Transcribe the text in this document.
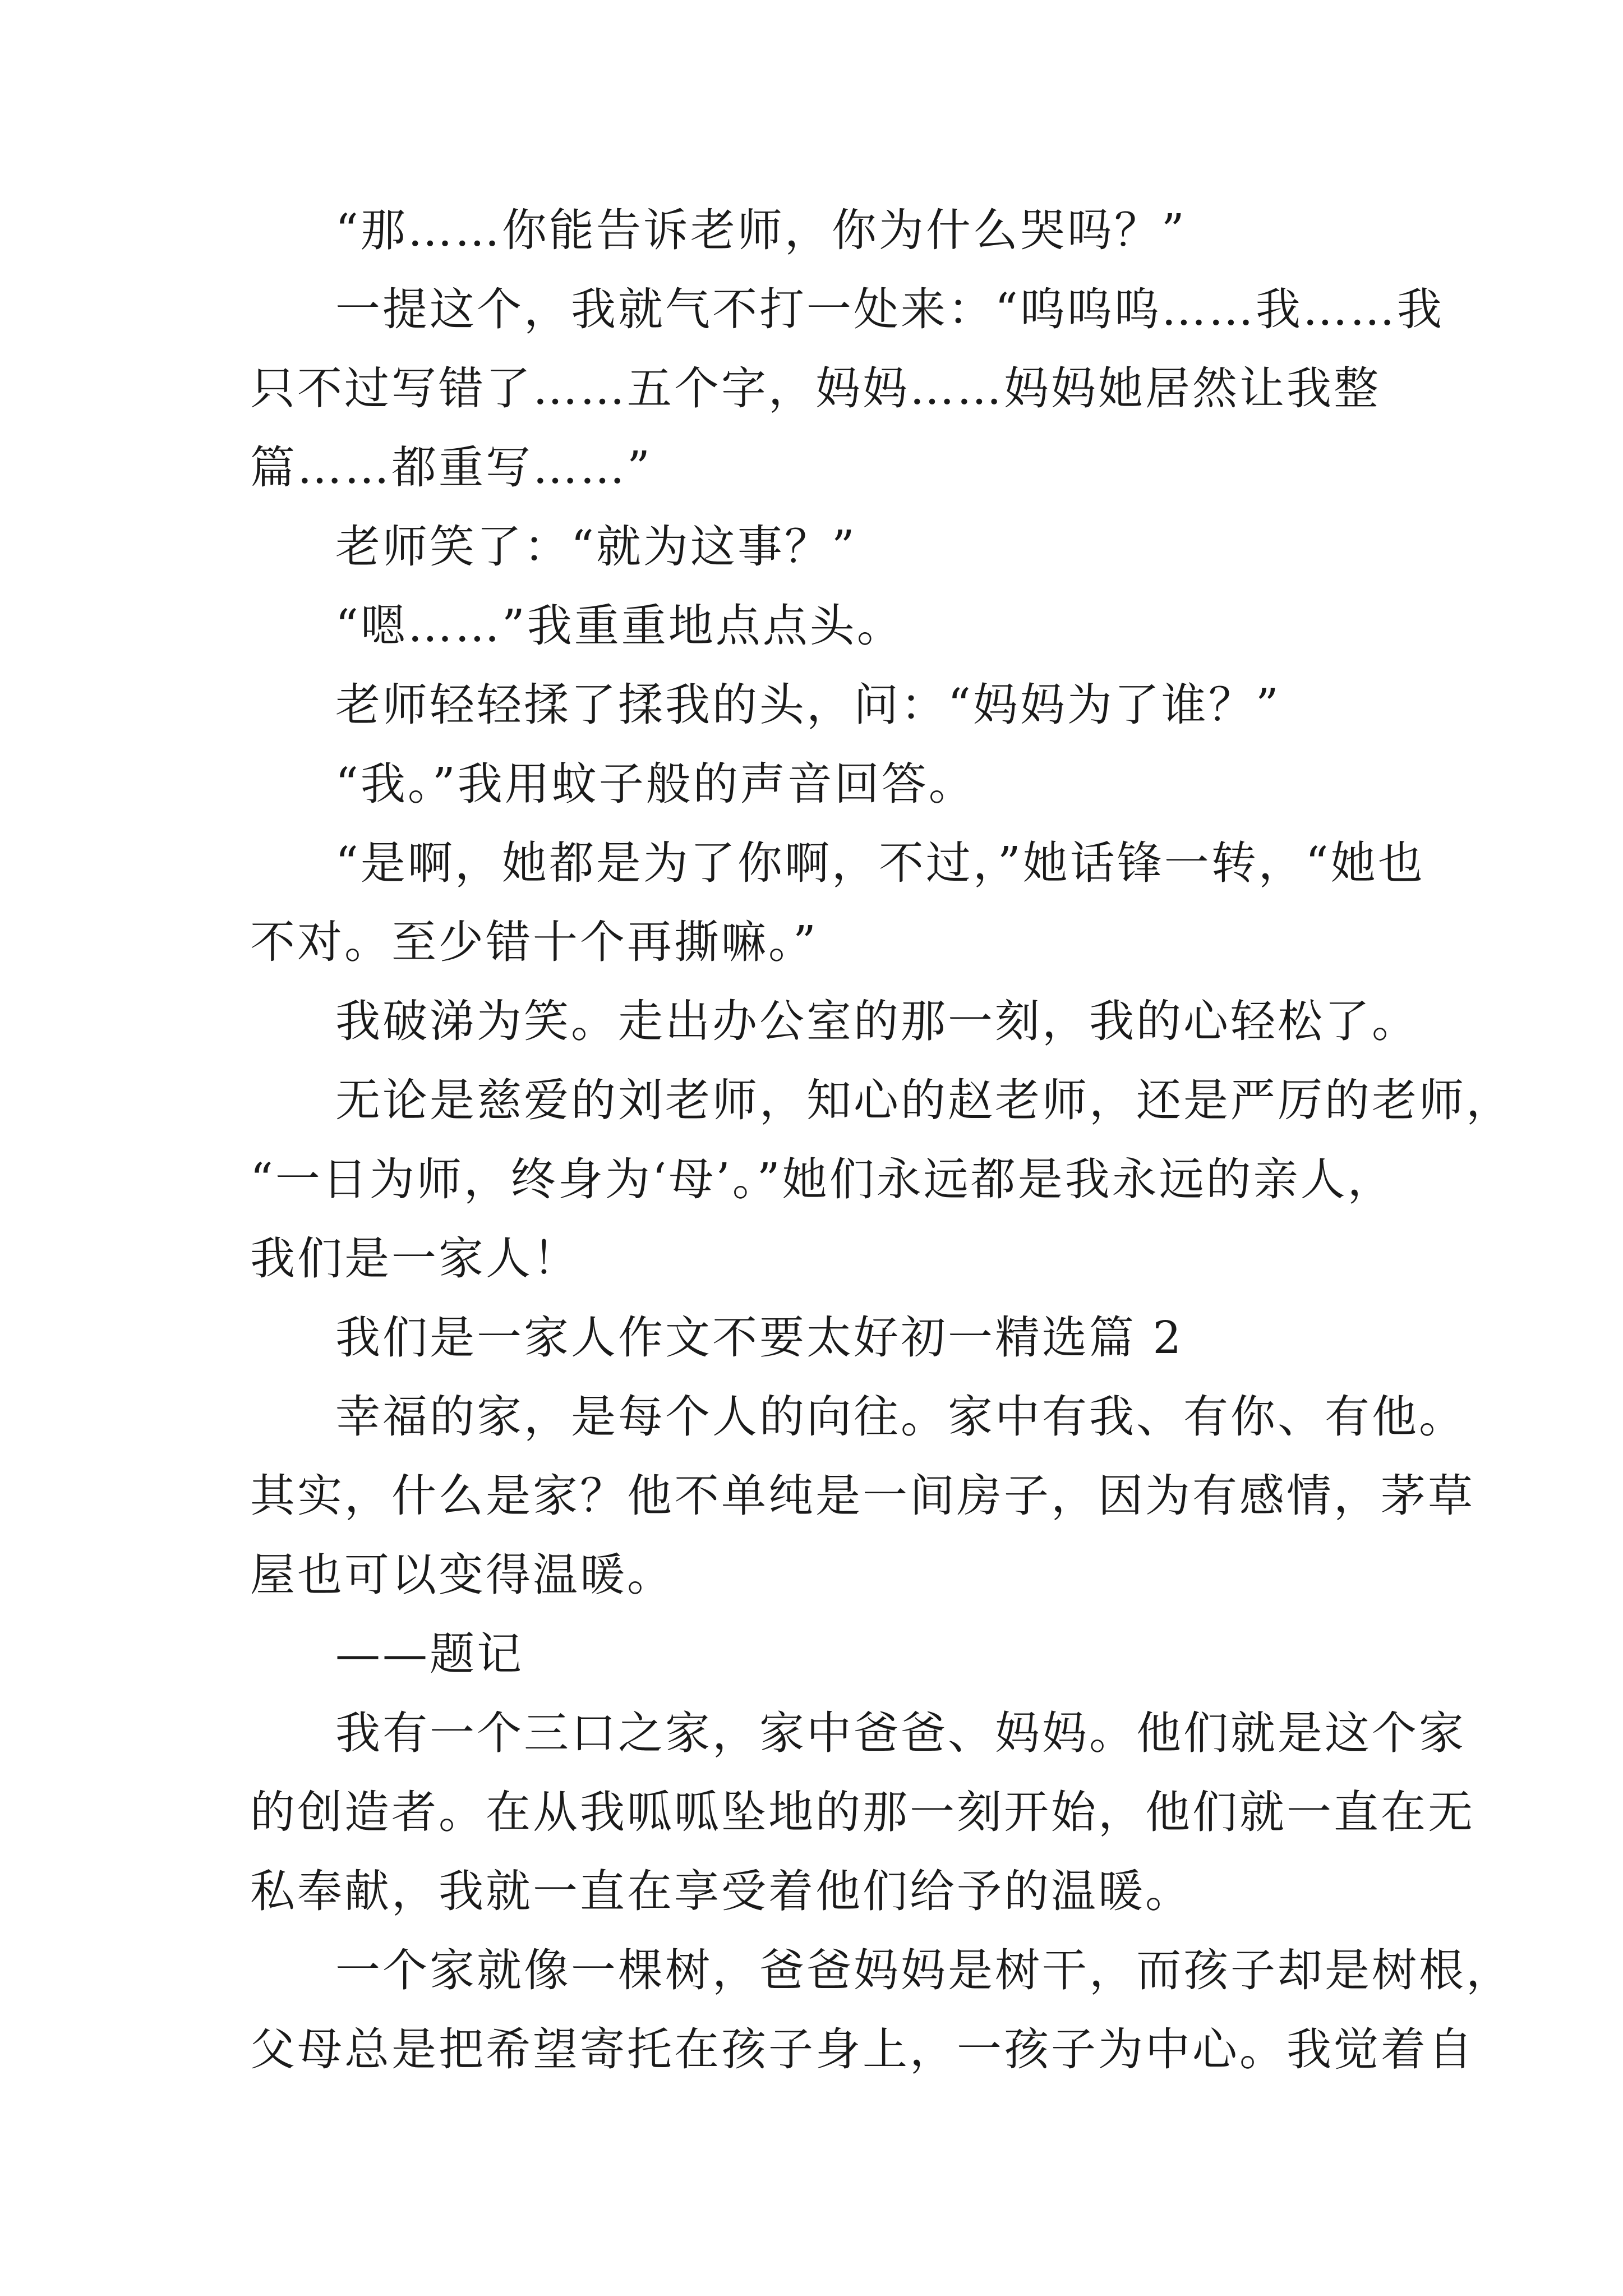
“那……你能告诉老师，你为什么哭吗？”
一提这个，我就气不打一处来：“呜呜呜……我……我
只不过写错了……五个字，妈妈……妈妈她居然让我整
篇……都重写……”
老师笑了：“就为这事？”
“嗯……”我重重地点点头。
老师轻轻揉了揉我的头，问：“妈妈为了谁？”
“我。”我用蚊子般的声音回答。
“是啊，她都是为了你啊，不过，”她话锋一转，“她也
不对。至少错十个再撕嘛。”
我破涕为笑。走出办公室的那一刻，我的心轻松了。
无论是慈爱的刘老师，知心的赵老师，还是严厉的老师，
“一日为师，终身为‘母’。”她们永远都是我永远的亲人，
我们是一家人！
我们是一家人作文不要太好初一精选篇 2
幸福的家，是每个人的向往。家中有我、有你、有他。
其实，什么是家？他不单纯是一间房子，因为有感情，茅草
屋也可以变得温暖。
——题记
我有一个三口之家，家中爸爸、妈妈。他们就是这个家
的创造者。在从我呱呱坠地的那一刻开始，他们就一直在无
私奉献，我就一直在享受着他们给予的温暖。
一个家就像一棵树，爸爸妈妈是树干，而孩子却是树根，
父母总是把希望寄托在孩子身上，一孩子为中心。我觉着自
